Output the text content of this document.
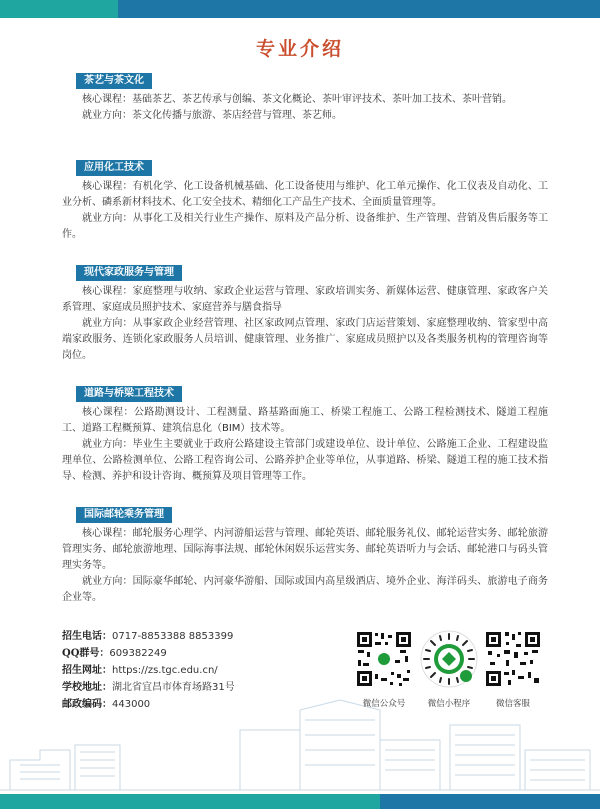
专业介绍
茶艺与茶文化

核心课程：基础茶艺、茶艺传承与创编、茶文化概论、茶叶审评技术、茶叶加工技术、茶叶营销。

就业方向：茶文化传播与旅游、茶店经营与管理、茶艺师。

应用化工技术

核心课程：有机化学、化工设备机械基础、化工设备使用与维护、化工单元操作、化工仪表及自动化、工业分析、磷系新材料技术、化工安全技术、精细化工产品生产技术、全面质量管理等。

就业方向：从事化工及相关行业生产操作、原料及产品分析、设备维护、生产管理、营销及售后服务等工作。

现代家政服务与管理

核心课程：家庭整理与收纳、家政企业运营与管理、家政培训实务、新媒体运营、健康管理、家政客户关系管理、家庭成员照护技术、家庭营养与膳食指导

就业方向：从事家政企业经营管理、社区家政网点管理、家政门店运营策划、家庭整理收纳、管家型中高端家政服务、连锁化家政服务人员培训、健康管理、业务推广、家庭成员照护以及各类服务机构的管理咨询等岗位。

道路与桥梁工程技术

核心课程：公路勘测设计、工程测量、路基路面施工、桥梁工程施工、公路工程检测技术、隧道工程施工、道路工程概预算、建筑信息化（BIM）技术等。

就业方向：毕业生主要就业于政府公路建设主管部门或建设单位、设计单位、公路施工企业、工程建设监理单位、公路检测单位、公路工程咨询公司、公路养护企业等单位，从事道路、桥梁、隧道工程的施工技术指导、检测、养护和设计咨询、概预算及项目管理等工作。

国际邮轮乘务管理

核心课程：邮轮服务心理学、内河游船运营与管理、邮轮英语、邮轮服务礼仪、邮轮运营实务、邮轮旅游管理实务、邮轮旅游地理、国际海事法规、邮轮休闲娱乐运营实务、邮轮英语听力与会话、邮轮港口与码头管理实务等。

就业方向：国际豪华邮轮、内河豪华游船、国际或国内高星级酒店、境外企业、海洋码头、旅游电子商务企业等。

招生电话：0717-8853388 8853399
QQ群号：609382249
招生网址：https://zs.tgc.edu.cn/
学校地址：湖北省宜昌市体育场路31号
邮政编码：443000	微信公众号	微信小程序	微信客服
